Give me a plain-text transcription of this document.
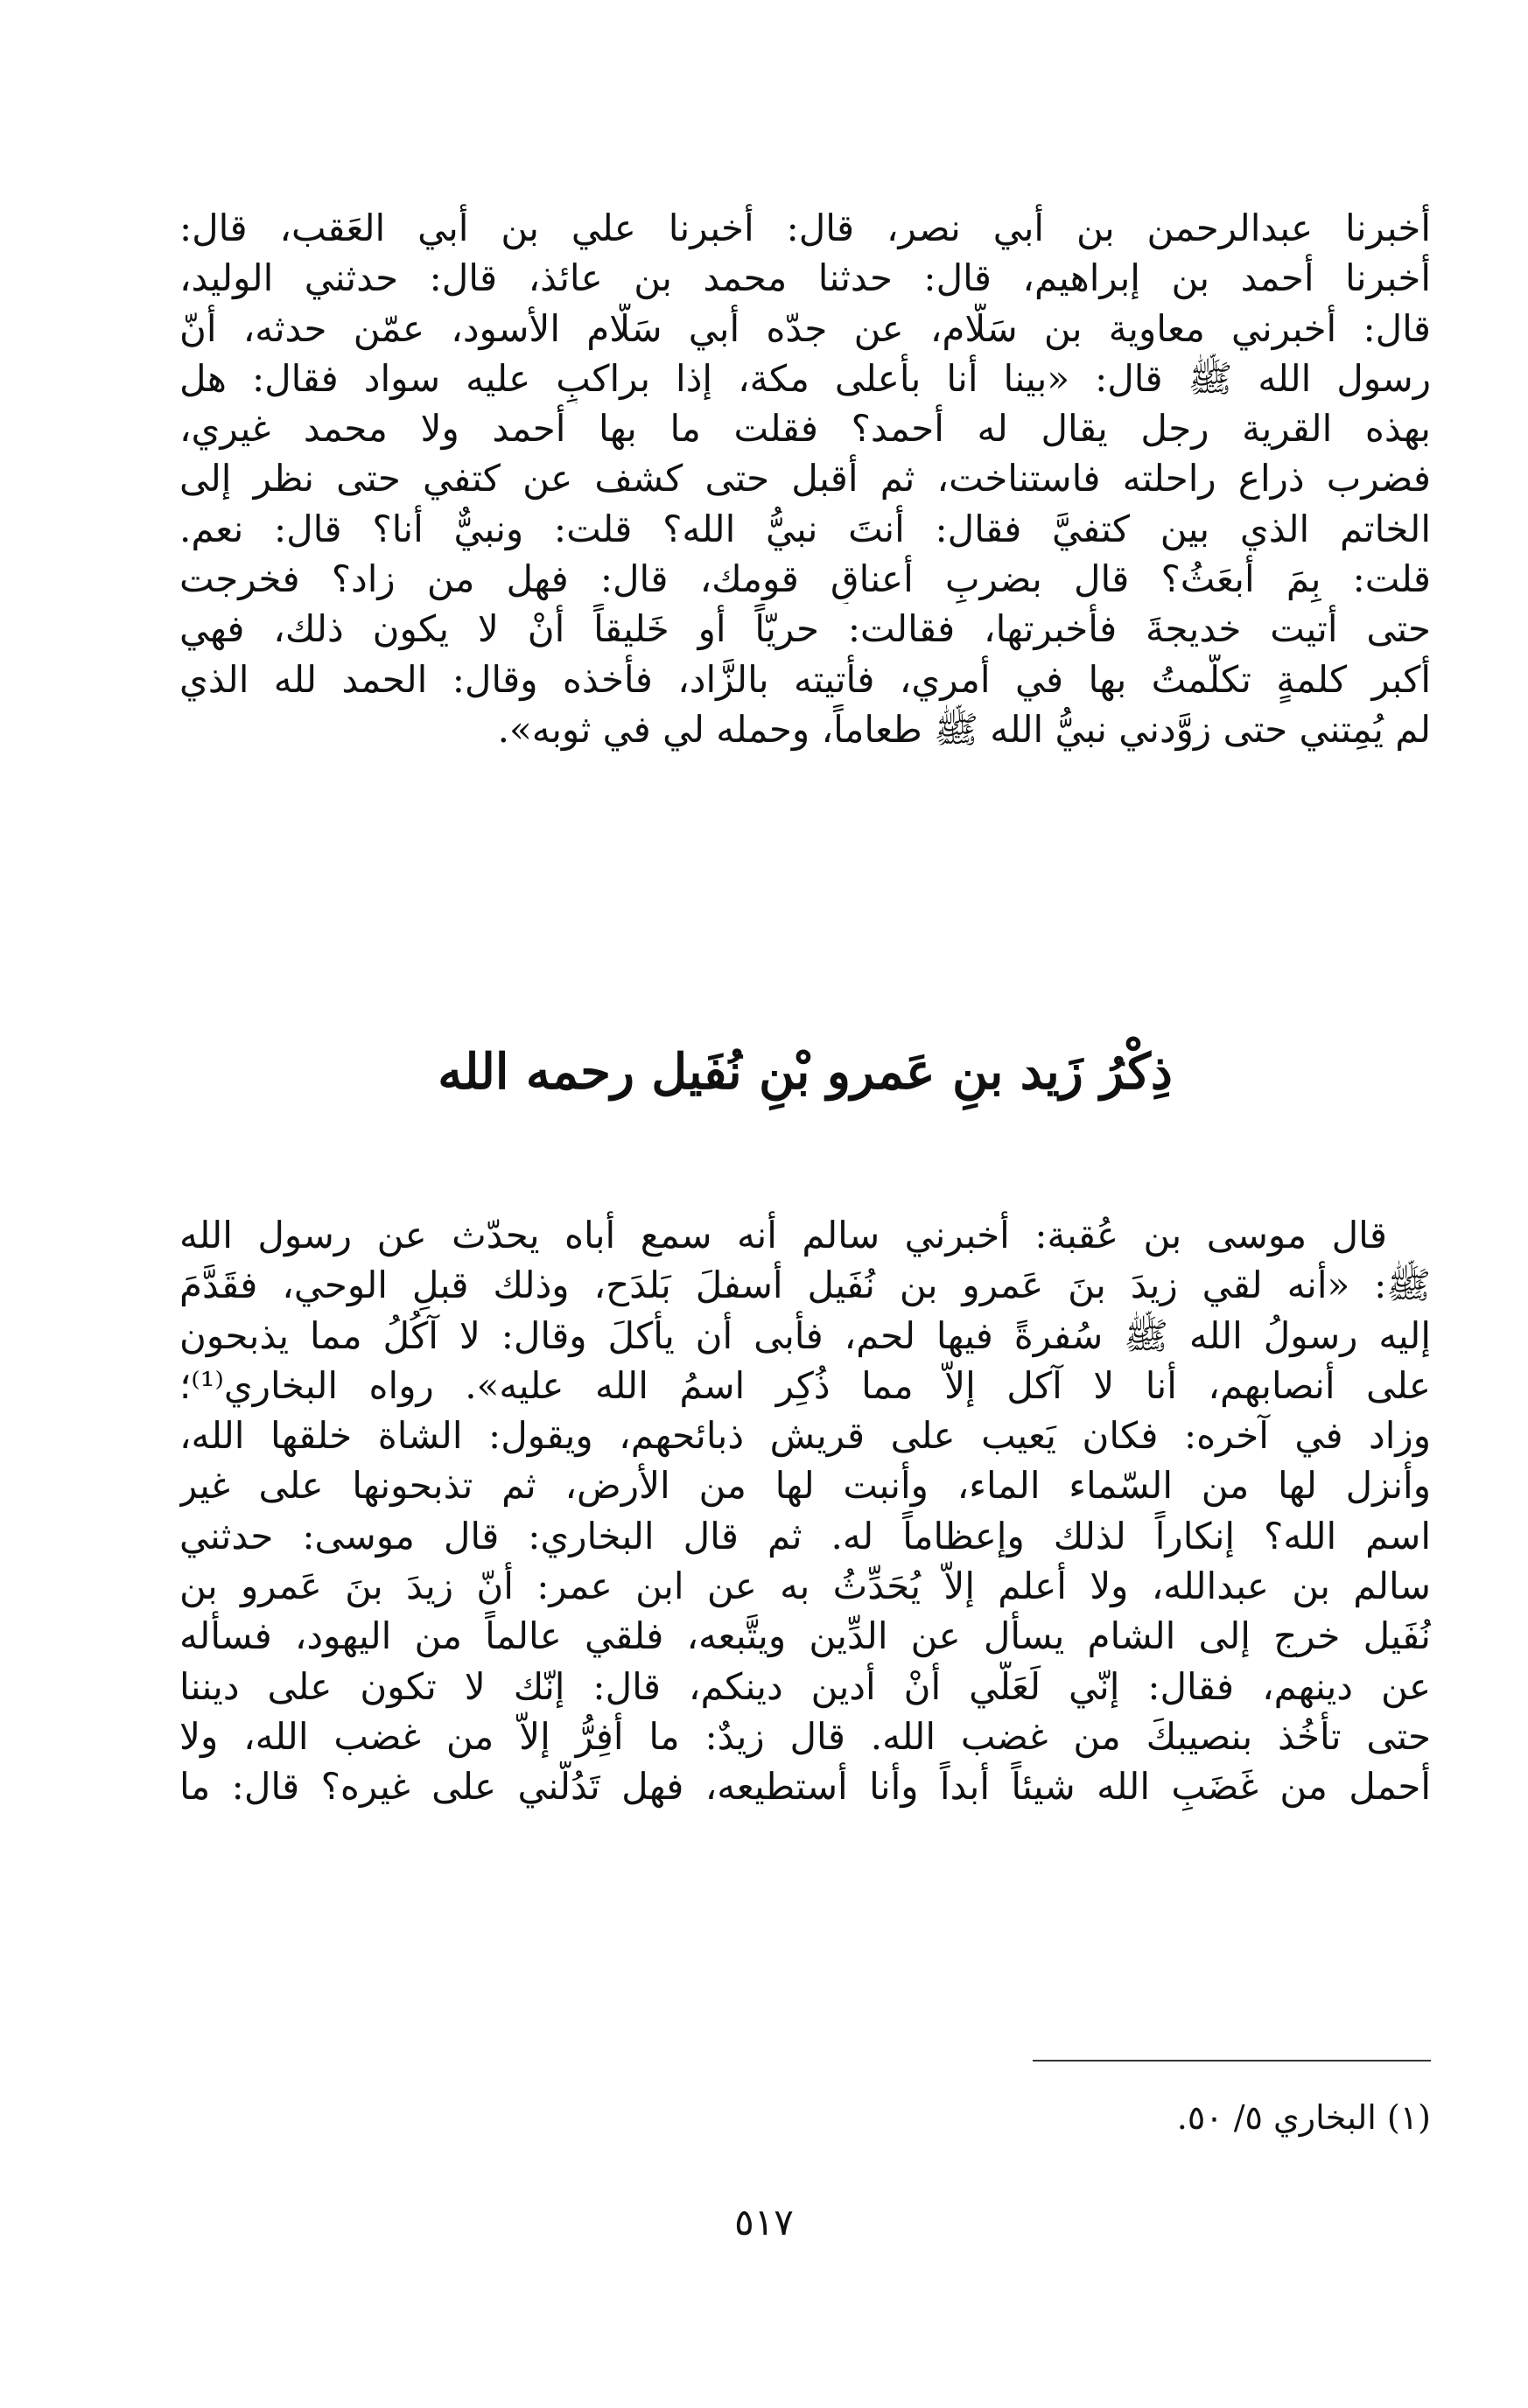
أخبرنا عبدالرحمن بن أبي نصر، قال: أخبرنا علي بن أبي العَقب، قال:
أخبرنا أحمد بن إبراهيم، قال: حدثنا محمد بن عائذ، قال: حدثني الوليد،
قال: أخبرني معاوية بن سَلّام، عن جدّه أبي سَلّام الأسود، عمّن حدثه، أنّ
رسول الله ﷺ قال: «بينا أنا بأعلى مكة، إذا براكبٍ عليه سواد فقال: هل
بهذه القرية رجل يقال له أحمد؟ فقلت ما بها أحمد ولا محمد غيري،
فضرب ذراع راحلته فاستناخت، ثم أقبل حتى كشف عن كتفي حتى نظر إلى
الخاتم الذي بين كتفيَّ فقال: أنتَ نبيُّ الله؟ قلت: ونبيٌّ أنا؟ قال: نعم.
قلت: بِمَ أُبعَثُ؟ قال بضربِ أعناقِ قومك، قال: فهل من زاد؟ فخرجت
حتى أتيت خديجةَ فأخبرتها، فقالت: حريّاً أو خَليقاً أنْ لا يكون ذلك، فهي
أكبر كلمةٍ تكلَّمتُ بها في أمري، فأتيته بالزَّاد، فأخذه وقال: الحمد لله الذي
لم يُمِتني حتى زوَّدني نبيُّ الله ﷺ طعاماً، وحمله لي في ثوبه».
ذِكْرُ زَيد بنِ عَمرو بْنِ نُفَيل رحمه الله
قال موسى بن عُقبة: أخبرني سالم أنه سمع أباه يحدّث عن رسول الله
ﷺ: «أنه لقي زيدَ بنَ عَمرو بن نُفَيل أسفلَ بَلدَح، وذلك قبلِ الوحي، فقَدَّمَ
إليه رسولُ الله ﷺ سُفرةً فيها لحم، فأبى أن يأكلَ وقال: لا آكُلُ مما يذبحون
على أنصابهم، أنا لا آكل إلاّ مما ذُكِر اسمُ الله عليه». رواه البخاري⁽¹⁾؛
وزاد في آخره: فكان يَعيب على قريش ذبائحهم، ويقول: الشاة خلقها الله،
وأنزل لها من السّماء الماء، وأنبت لها من الأرض، ثم تذبحونها على غير
اسم الله؟ إنكاراً لذلك وإعظاماً له. ثم قال البخاري: قال موسى: حدثني
سالم بن عبدالله، ولا أعلم إلاّ يُحَدِّثُ به عن ابن عمر: أنّ زيدَ بنَ عَمرو بن
نُفَيل خرج إلى الشام يسأل عن الدِّين ويتَّبعه، فلقي عالماً من اليهود، فسأله
عن دينهم، فقال: إنّي لَعَلّي أنْ أدين دينكم، قال: إنّك لا تكون على ديننا
حتى تأخُذ بنصيبكَ من غضب الله. قال زيدٌ: ما أفِرُّ إلاّ من غضب الله، ولا
أحمل من غَضَبِ الله شيئاً أبداً وأنا أستطيعه، فهل تَدُلّني على غيره؟ قال: ما
(١) البخاري ٥/ ٥٠.
٥١٧
